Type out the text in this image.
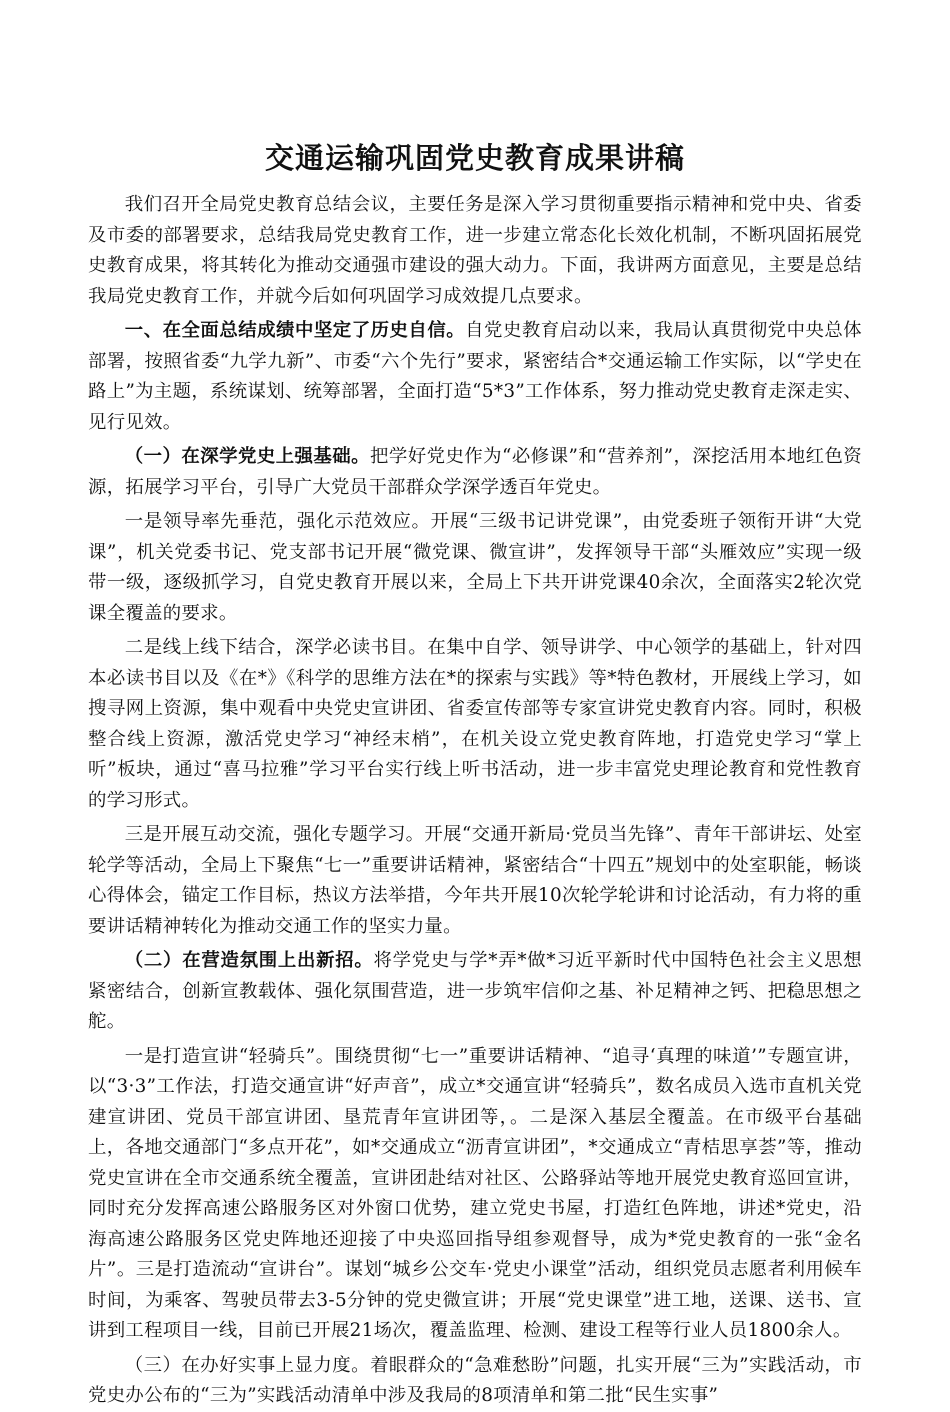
交通运输巩固党史教育成果讲稿

我们召开全局党史教育总结会议，主要任务是深入学习贯彻重要指示精神和党中央、省委及市委的部署要求，总结我局党史教育工作，进一步建立常态化长效化机制，不断巩固拓展党史教育成果，将其转化为推动交通强市建设的强大动力。下面，我讲两方面意见，主要是总结我局党史教育工作，并就今后如何巩固学习成效提几点要求。

一、在全面总结成绩中坚定了历史自信。自党史教育启动以来，我局认真贯彻党中央总体部署，按照省委“九学九新”、市委“六个先行”要求，紧密结合*交通运输工作实际，以“学史在路上”为主题，系统谋划、统筹部署，全面打造“5*3”工作体系，努力推动党史教育走深走实、见行见效。

（一）在深学党史上强基础。把学好党史作为“必修课”和“营养剂”，深挖活用本地红色资源，拓展学习平台，引导广大党员干部群众学深学透百年党史。

一是领导率先垂范，强化示范效应。开展“三级书记讲党课”，由党委班子领衔开讲“大党课”，机关党委书记、党支部书记开展“微党课、微宣讲”，发挥领导干部“头雁效应”实现一级带一级，逐级抓学习，自党史教育开展以来，全局上下共开讲党课40余次，全面落实2轮次党课全覆盖的要求。

二是线上线下结合，深学必读书目。在集中自学、领导讲学、中心领学的基础上，针对四本必读书目以及《在*》《科学的思维方法在*的探索与实践》等*特色教材，开展线上学习，如搜寻网上资源，集中观看中央党史宣讲团、省委宣传部等专家宣讲党史教育内容。同时，积极整合线上资源，激活党史学习“神经末梢”，在机关设立党史教育阵地，打造党史学习“掌上听”板块，通过“喜马拉雅”学习平台实行线上听书活动，进一步丰富党史理论教育和党性教育的学习形式。

三是开展互动交流，强化专题学习。开展“交通开新局·党员当先锋”、青年干部讲坛、处室轮学等活动，全局上下聚焦“七一”重要讲话精神，紧密结合“十四五”规划中的处室职能，畅谈心得体会，锚定工作目标，热议方法举措，今年共开展10次轮学轮讲和讨论活动，有力将的重要讲话精神转化为推动交通工作的坚实力量。

（二）在营造氛围上出新招。将学党史与学*弄*做*习近平新时代中国特色社会主义思想紧密结合，创新宣教载体、强化氛围营造，进一步筑牢信仰之基、补足精神之钙、把稳思想之舵。

一是打造宣讲“轻骑兵”。围绕贯彻“七一”重要讲话精神、“追寻‘真理的味道’”专题宣讲，以“3·3”工作法，打造交通宣讲“好声音”，成立*交通宣讲“轻骑兵”，数名成员入选市直机关党建宣讲团、党员干部宣讲团、垦荒青年宣讲团等，。二是深入基层全覆盖。在市级平台基础上，各地交通部门“多点开花”，如*交通成立“沥青宣讲团”，*交通成立“青桔思享荟”等，推动党史宣讲在全市交通系统全覆盖，宣讲团赴结对社区、公路驿站等地开展党史教育巡回宣讲，同时充分发挥高速公路服务区对外窗口优势，建立党史书屋，打造红色阵地，讲述*党史，沿海高速公路服务区党史阵地还迎接了中央巡回指导组参观督导，成为*党史教育的一张“金名片”。三是打造流动“宣讲台”。谋划“城乡公交车·党史小课堂”活动，组织党员志愿者利用候车时间，为乘客、驾驶员带去3-5分钟的党史微宣讲；开展“党史课堂”进工地，送课、送书、宣讲到工程项目一线，目前已开展21场次，覆盖监理、检测、建设工程等行业人员1800余人。

（三）在办好实事上显力度。着眼群众的“急难愁盼”问题，扎实开展“三为”实践活动，市党史办公布的“三为”实践活动清单中涉及我局的8项清单和第二批“民生实事”
